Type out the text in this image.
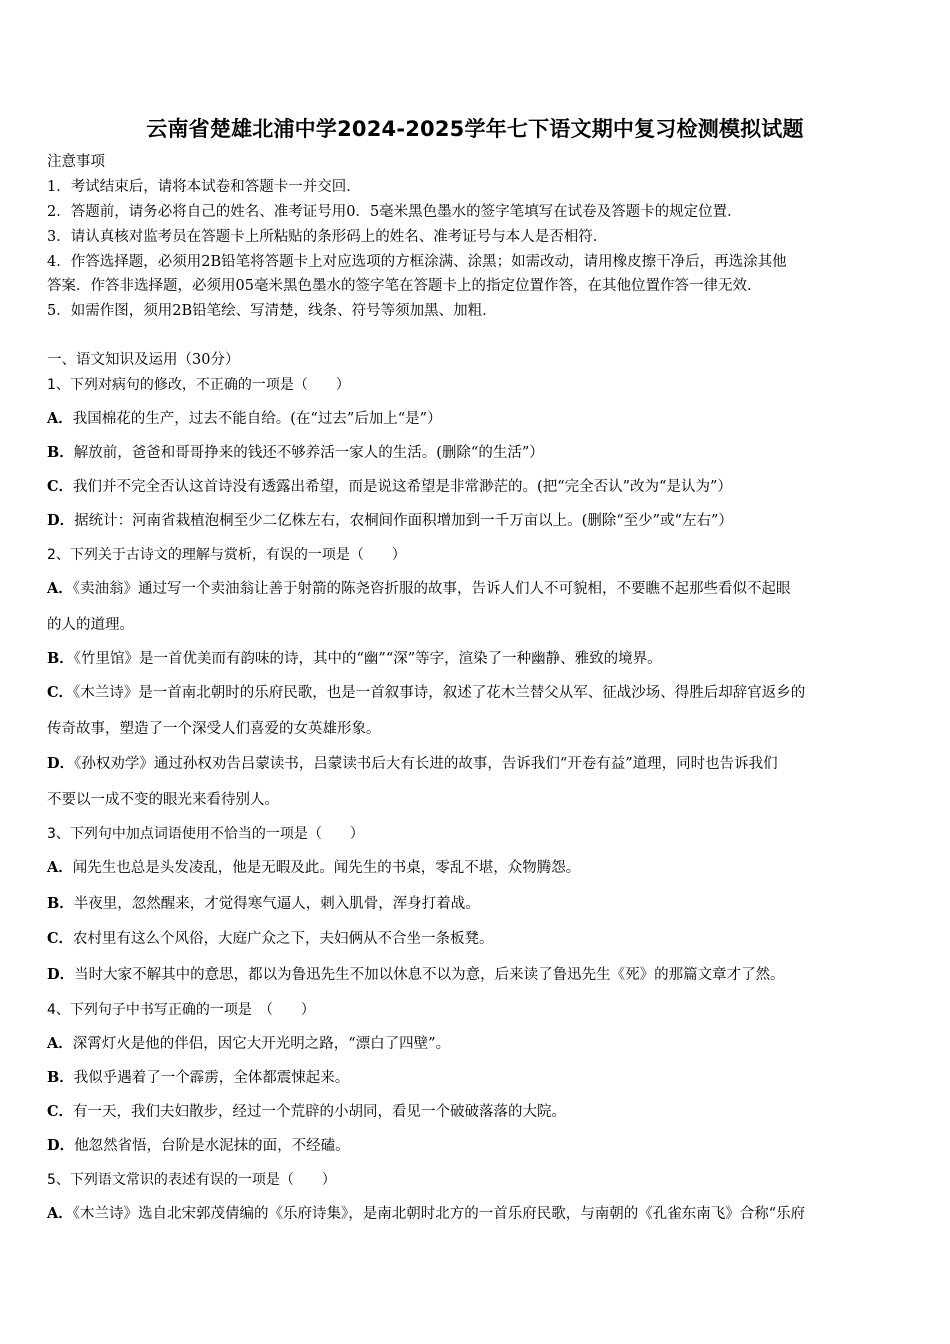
云南省楚雄北浦中学2024-2025学年七下语文期中复习检测模拟试题
注意事项
1．考试结束后，请将本试卷和答题卡一并交回．
2．答题前，请务必将自己的姓名、准考证号用0．5毫米黑色墨水的签字笔填写在试卷及答题卡的规定位置．
3．请认真核对监考员在答题卡上所粘贴的条形码上的姓名、准考证号与本人是否相符．
4．作答选择题，必须用2B铅笔将答题卡上对应选项的方框涂满、涂黑；如需改动，请用橡皮擦干净后，再选涂其他
答案．作答非选择题，必须用05毫米黑色墨水的签字笔在答题卡上的指定位置作答，在其他位置作答一律无效．
5．如需作图，须用2B铅笔绘、写清楚，线条、符号等须加黑、加粗．
一、语文知识及运用（30分）
1、下列对病句的修改，不正确的一项是（　　）
A．我国棉花的生产，过去不能自给。(在“过去”后加上“是”）
B．解放前，爸爸和哥哥挣来的钱还不够养活一家人的生活。(删除“的生活”）
C．我们并不完全否认这首诗没有透露出希望，而是说这希望是非常渺茫的。(把“完全否认”改为“是认为”）
D．据统计：河南省栽植泡桐至少二亿株左右，农桐间作面积增加到一千万亩以上。(删除“至少”或“左右”）
2、下列关于古诗文的理解与赏析，有误的一项是（　　）
A．《卖油翁》通过写一个卖油翁让善于射箭的陈尧咨折服的故事，告诉人们人不可貌相，不要瞧不起那些看似不起眼
的人的道理。
B．《竹里馆》是一首优美而有韵味的诗，其中的“幽”“深”等字，渲染了一种幽静、雅致的境界。
C．《木兰诗》是一首南北朝时的乐府民歌，也是一首叙事诗，叙述了花木兰替父从军、征战沙场、得胜后却辞官返乡的
传奇故事，塑造了一个深受人们喜爱的女英雄形象。
D．《孙权劝学》通过孙权劝告吕蒙读书，吕蒙读书后大有长进的故事，告诉我们“开卷有益”道理，同时也告诉我们
不要以一成不变的眼光来看待别人。
3、下列句中加点词语使用不恰当的一项是（　　）
A．闻先生也总是头发凌乱，他是无暇及此。闻先生的书桌，零乱不堪，众物腾怨。
B．半夜里，忽然醒来，才觉得寒气逼人，刺入肌骨，浑身打着战。
C．农村里有这么个风俗，大庭广众之下，夫妇俩从不合坐一条板凳。
D．当时大家不解其中的意思，都以为鲁迅先生不加以休息不以为意，后来读了鲁迅先生《死》的那篇文章才了然。
4、下列句子中书写正确的一项是　（　　）
A．深霄灯火是他的伴侣，因它大开光明之路，“漂白了四壁”。
B．我似乎遇着了一个霹雳，全体都震悚起来。
C．有一天，我们夫妇散步，经过一个荒辟的小胡同，看见一个破破落落的大院。
D．他忽然省悟，台阶是水泥抹的面，不经磕。
5、下列语文常识的表述有误的一项是（　　）
A．《木兰诗》选自北宋郭茂倩编的《乐府诗集》，是南北朝时北方的一首乐府民歌，与南朝的《孔雀东南飞》合称“乐府
